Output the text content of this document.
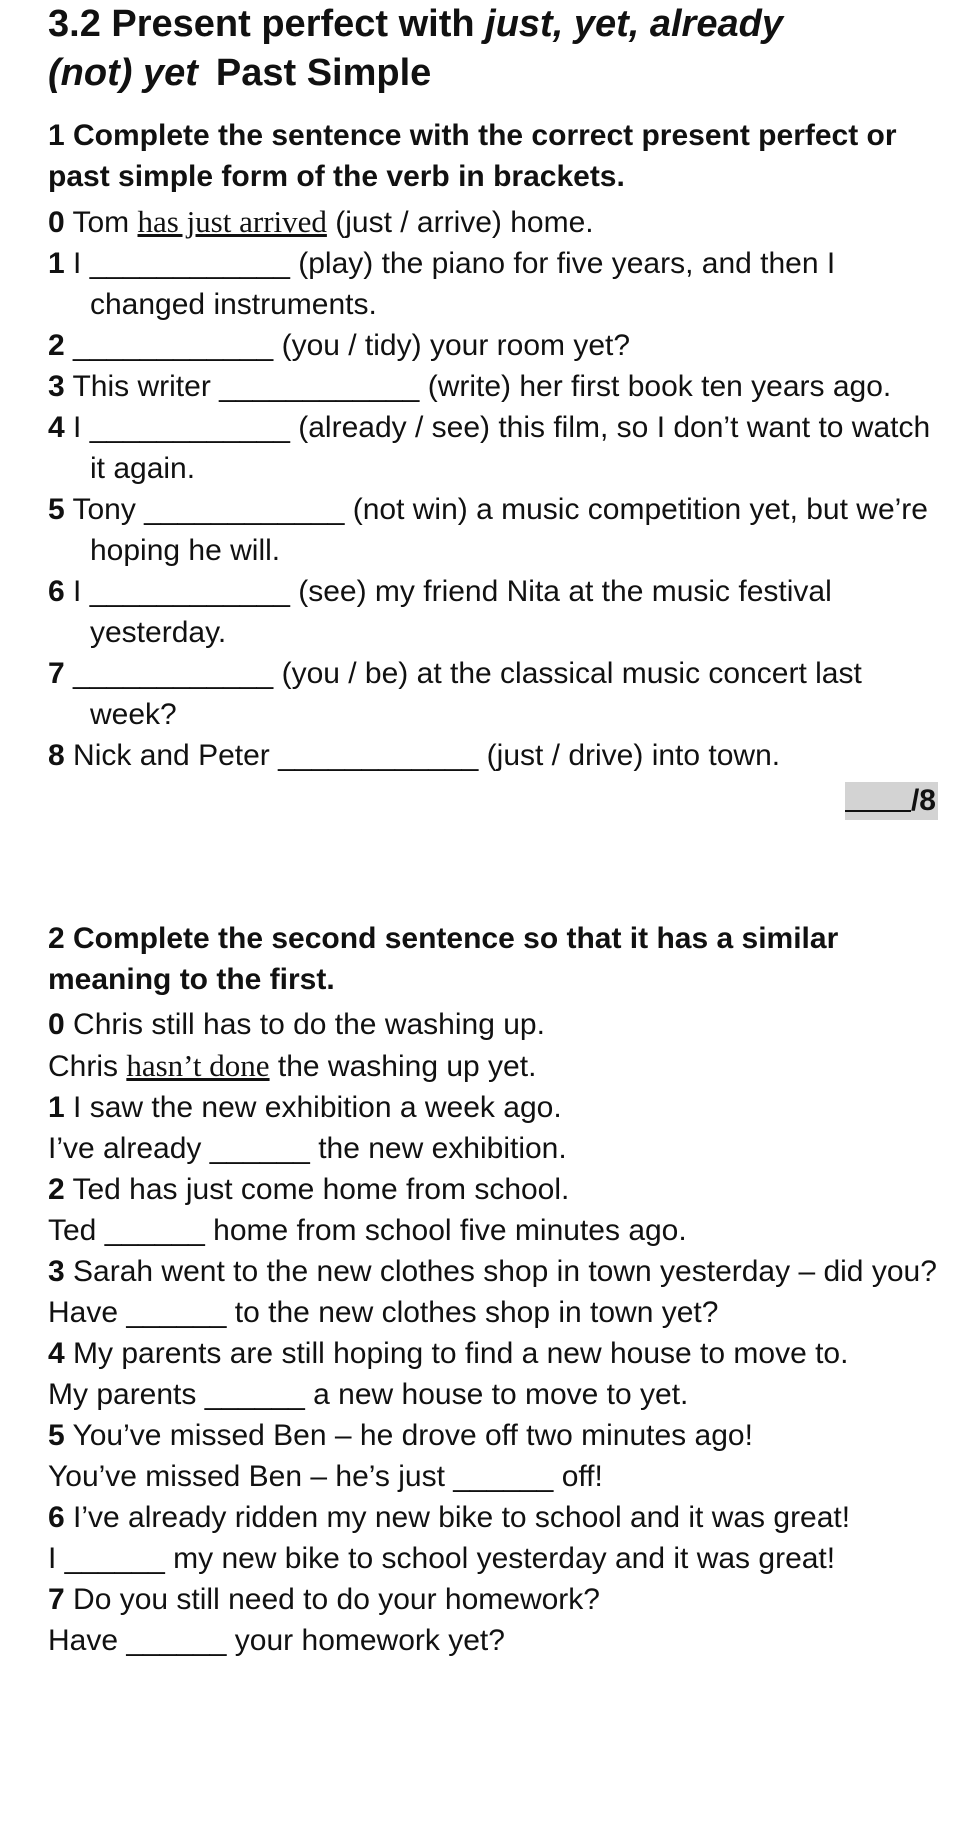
3.2 Present perfect with just, yet, already
(not) yet Past Simple

1 Complete the sentence with the correct present perfect or past simple form of the verb in brackets.

0 Tom has just arrived (just / arrive) home.
1 I ____________ (play) the piano for five years, and then I changed instruments.
2 ____________ (you / tidy) your room yet?
3 This writer ____________ (write) her first book ten years ago.
4 I ____________ (already / see) this film, so I don’t want to watch it again.
5 Tony ____________ (not win) a music competition yet, but we’re hoping he will.
6 I ____________ (see) my friend Nita at the music festival yesterday.
7 ____________ (you / be) at the classical music concert last week?
8 Nick and Peter ____________ (just / drive) into town.
/8

2 Complete the second sentence so that it has a similar meaning to the first.

0 Chris still has to do the washing up.
Chris hasn’t done the washing up yet.
1 I saw the new exhibition a week ago.
I’ve already ______ the new exhibition.
2 Ted has just come home from school.
Ted ______ home from school five minutes ago.
3 Sarah went to the new clothes shop in town yesterday – did you?
Have ______ to the new clothes shop in town yet?
4 My parents are still hoping to find a new house to move to.
My parents ______ a new house to move to yet.
5 You’ve missed Ben – he drove off two minutes ago!
You’ve missed Ben – he’s just ______ off!
6 I’ve already ridden my new bike to school and it was great!
I ______ my new bike to school yesterday and it was great!
7 Do you still need to do your homework?
Have ______ your homework yet?
